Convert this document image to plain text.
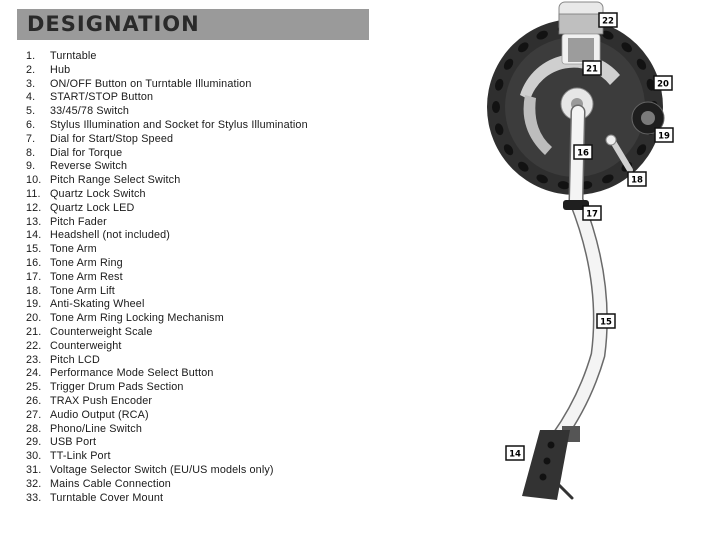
DESIGNATION
1. Turntable
2. Hub
3. ON/OFF Button on Turntable Illumination
4. START/STOP Button
5. 33/45/78 Switch
6. Stylus Illumination and Socket for Stylus Illumination
7. Dial for Start/Stop Speed
8. Dial for Torque
9. Reverse Switch
10. Pitch Range Select Switch
11. Quartz Lock Switch
12. Quartz Lock LED
13. Pitch Fader
14. Headshell (not included)
15. Tone Arm
16. Tone Arm Ring
17. Tone Arm Rest
18. Tone Arm Lift
19. Anti-Skating Wheel
20. Tone Arm Ring Locking Mechanism
21. Counterweight Scale
22. Counterweight
23. Pitch LCD
24. Performance Mode Select Button
25. Trigger Drum Pads Section
26. TRAX Push Encoder
27. Audio Output (RCA)
28. Phono/Line Switch
29. USB Port
30. TT-Link Port
31. Voltage Selector Switch (EU/US models only)
32. Mains Cable Connection
33. Turntable Cover Mount
22
21
20
19
16
18
17
15
14
